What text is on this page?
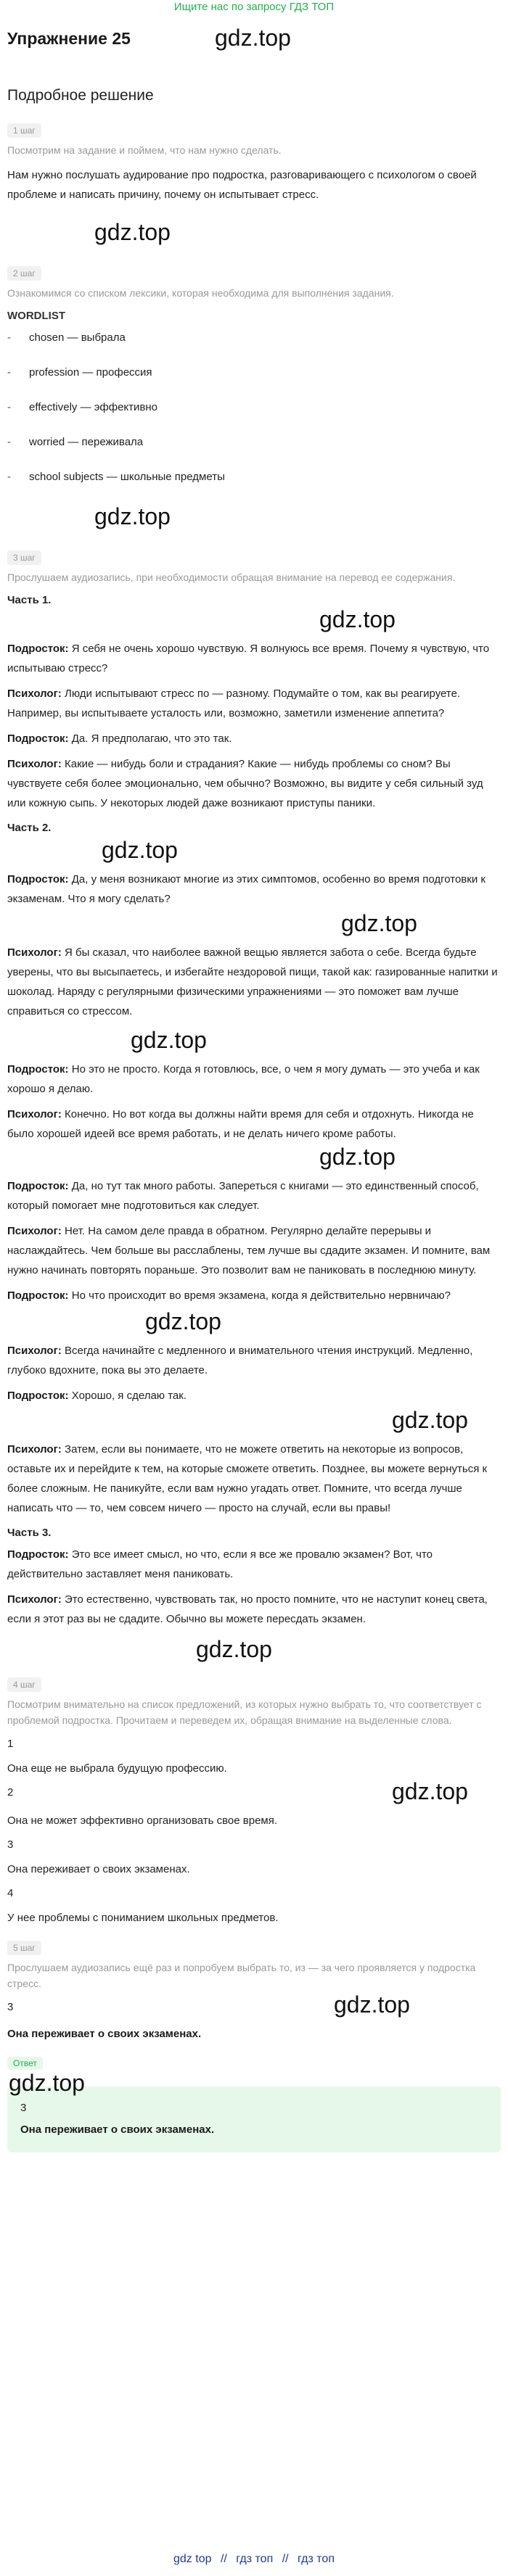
Ищите нас по запросу ГДЗ ТОП
Упражнение 25	gdz.top
Подробное решение
1 шаг
Посмотрим на задание и поймем, что нам нужно сделать.
Нам нужно послушать аудирование про подростка, разговаривающего с психологом о своей проблеме и написать причину, почему он испытывает стресс.
gdz.top
2 шаг
Ознакомимся со списком лексики, которая необходима для выполнения задания.
WORDLIST
- chosen — выбрала
- profession — профессия
- effectively — эффективно
- worried — переживала
- school subjects — школьные предметы
gdz.top
3 шаг
Прослушаем аудиозапись, при необходимости обращая внимание на перевод ее содержания.
Часть 1.
gdz.top
Подросток: Я себя не очень хорошо чувствую. Я волнуюсь все время. Почему я чувствую, что испытываю стресс?
Психолог: Люди испытывают стресс по — разному. Подумайте о том, как вы реагируете. Например, вы испытываете усталость или, возможно, заметили изменение аппетита?
Подросток: Да. Я предполагаю, что это так.
Психолог: Какие — нибудь боли и страдания? Какие — нибудь проблемы со сном? Вы чувствуете себя более эмоционально, чем обычно? Возможно, вы видите у себя сильный зуд или кожную сыпь. У некоторых людей даже возникают приступы паники.
Часть 2.
gdz.top
Подросток: Да, у меня возникают многие из этих симптомов, особенно во время подготовки к экзаменам. Что я могу сделать?
gdz.top
Психолог: Я бы сказал, что наиболее важной вещью является забота о себе. Всегда будьте уверены, что вы высыпаетесь, и избегайте нездоровой пищи, такой как: газированные напитки и шоколад. Наряду с регулярными физическими упражнениями — это поможет вам лучше справиться со стрессом.
gdz.top
Подросток: Но это не просто. Когда я готовлюсь, все, о чем я могу думать — это учеба и как хорошо я делаю.
Психолог: Конечно. Но вот когда вы должны найти время для себя и отдохнуть. Никогда не было хорошей идеей все время работать, и не делать ничего кроме работы.
gdz.top
Подросток: Да, но тут так много работы. Запереться с книгами — это единственный способ, который помогает мне подготовиться как следует.
Психолог: Нет. На самом деле правда в обратном. Регулярно делайте перерывы и наслаждайтесь. Чем больше вы расслаблены, тем лучше вы сдадите экзамен. И помните, вам нужно начинать повторять пораньше. Это позволит вам не паниковать в последнюю минуту.
Подросток: Но что происходит во время экзамена, когда я действительно нервничаю?
gdz.top
Психолог: Всегда начинайте с медленного и внимательного чтения инструкций. Медленно, глубоко вдохните, пока вы это делаете.
Подросток: Хорошо, я сделаю так.
gdz.top
Психолог: Затем, если вы понимаете, что не можете ответить на некоторые из вопросов, оставьте их и перейдите к тем, на которые сможете ответить. Позднее, вы можете вернуться к более сложным. Не паникуйте, если вам нужно угадать ответ. Помните, что всегда лучше написать что — то, чем совсем ничего — просто на случай, если вы правы!
Часть 3.
Подросток: Это все имеет смысл, но что, если я все же провалю экзамен? Вот, что действительно заставляет меня паниковать.
Психолог: Это естественно, чувствовать так, но просто помните, что не наступит конец света, если я этот раз вы не сдадите. Обычно вы можете пересдать экзамен.
gdz.top
4 шаг
Посмотрим внимательно на список предложений, из которых нужно выбрать то, что соответствует с проблемой подростка. Прочитаем и переведем их, обращая внимание на выделенные слова.
1
Она еще не выбрала будущую профессию.
2	gdz.top
Она не может эффективно организовать свое время.
3
Она переживает о своих экзаменах.
4
У нее проблемы с пониманием школьных предметов.
5 шаг
Прослушаем аудиозапись ещё раз и попробуем выбрать то, из — за чего проявляется у подростка стресс.
3	gdz.top
Она переживает о своих экзаменах.
Ответ
gdz.top
3
Она переживает о своих экзаменах.
gdz top // гдз топ // гдз топ
